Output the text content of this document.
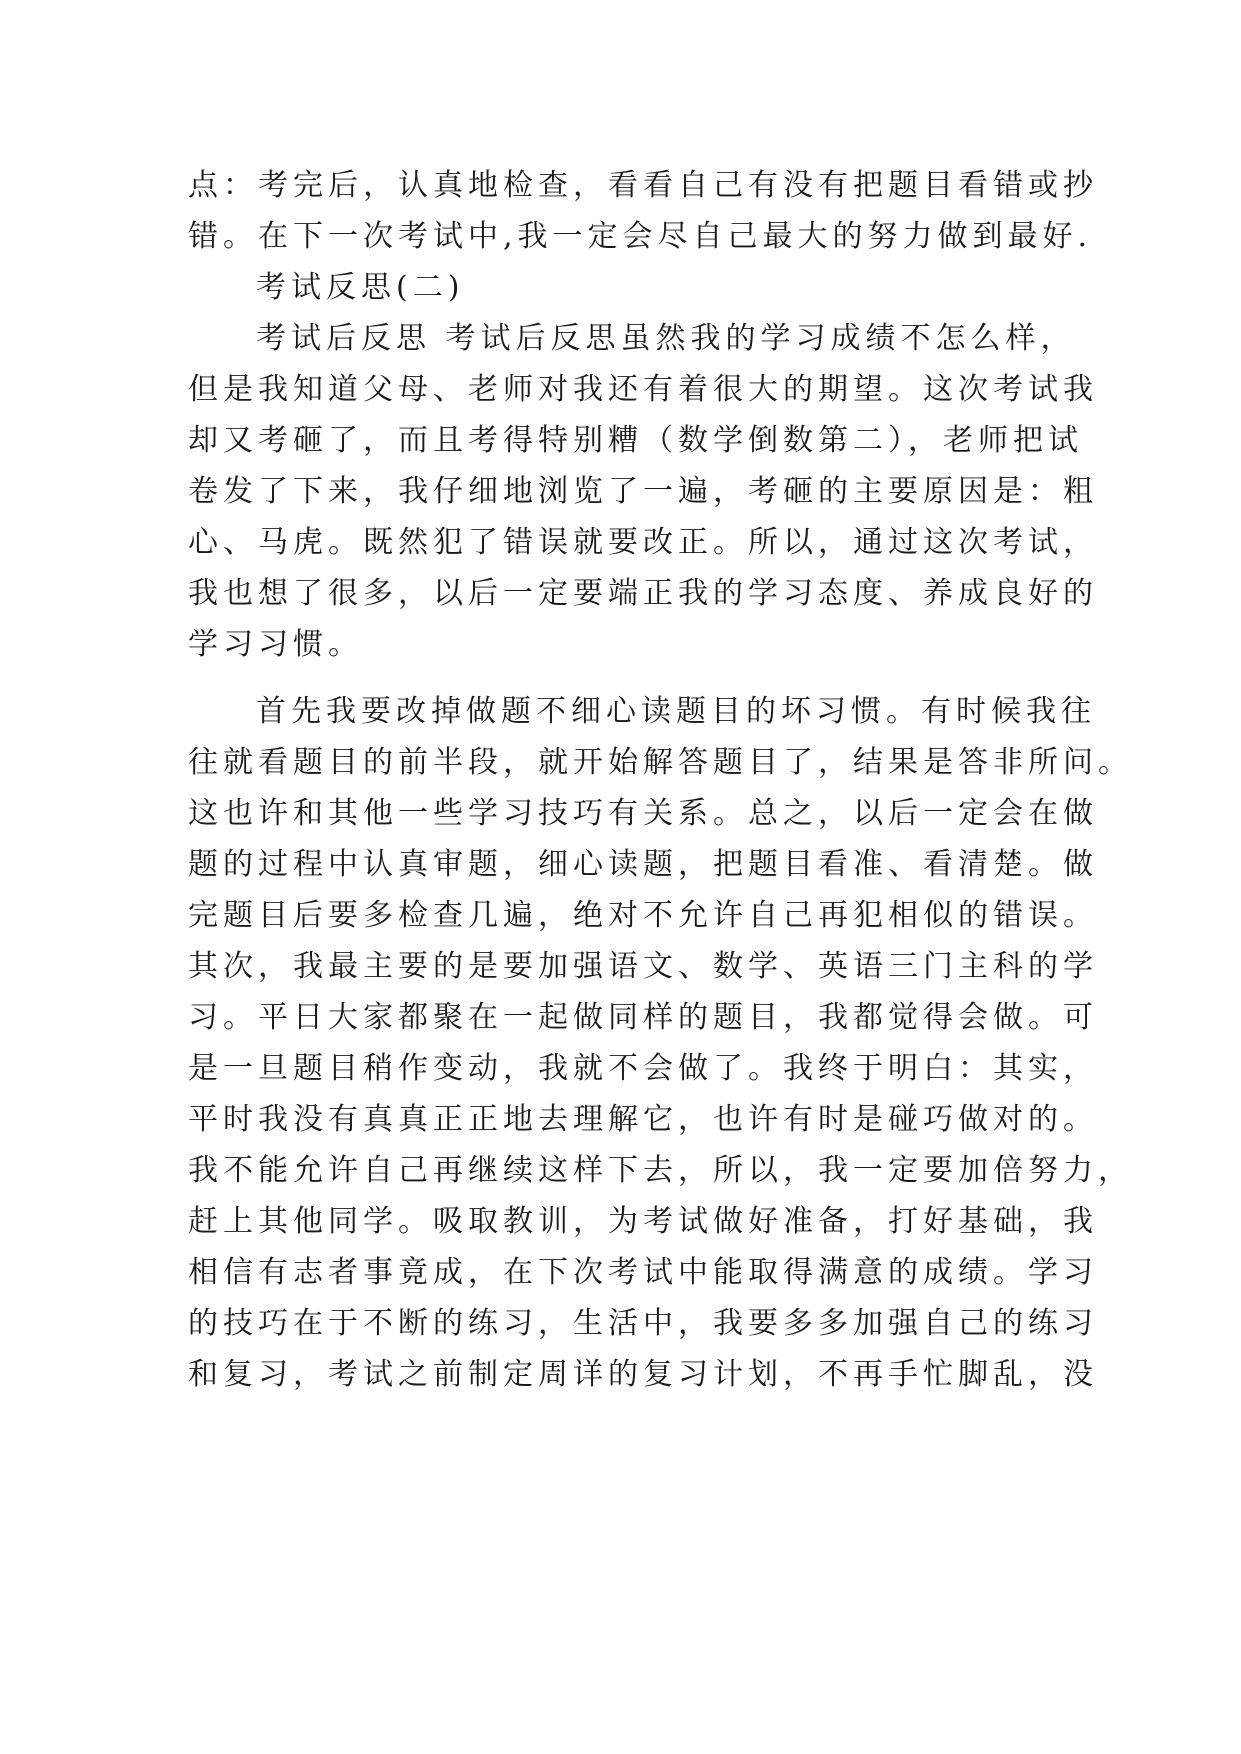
点：考完后，认真地检查，看看自己有没有把题目看错或抄
错。在下一次考试中,我一定会尽自己最大的努力做到最好.
考试反思(二)
考试后反思 考试后反思虽然我的学习成绩不怎么样，
但是我知道父母、老师对我还有着很大的期望。这次考试我
却又考砸了，而且考得特别糟（数学倒数第二），老师把试
卷发了下来，我仔细地浏览了一遍，考砸的主要原因是：粗
心、马虎。既然犯了错误就要改正。所以，通过这次考试，
我也想了很多，以后一定要端正我的学习态度、养成良好的
学习习惯。
首先我要改掉做题不细心读题目的坏习惯。有时候我往
往就看题目的前半段，就开始解答题目了，结果是答非所问。
这也许和其他一些学习技巧有关系。总之，以后一定会在做
题的过程中认真审题，细心读题，把题目看准、看清楚。做
完题目后要多检查几遍，绝对不允许自己再犯相似的错误。
其次，我最主要的是要加强语文、数学、英语三门主科的学
习。平日大家都聚在一起做同样的题目，我都觉得会做。可
是一旦题目稍作变动，我就不会做了。我终于明白：其实，
平时我没有真真正正地去理解它，也许有时是碰巧做对的。
我不能允许自己再继续这样下去，所以，我一定要加倍努力，
赶上其他同学。吸取教训，为考试做好准备，打好基础，我
相信有志者事竟成，在下次考试中能取得满意的成绩。学习
的技巧在于不断的练习，生活中，我要多多加强自己的练习
和复习，考试之前制定周详的复习计划，不再手忙脚乱，没
